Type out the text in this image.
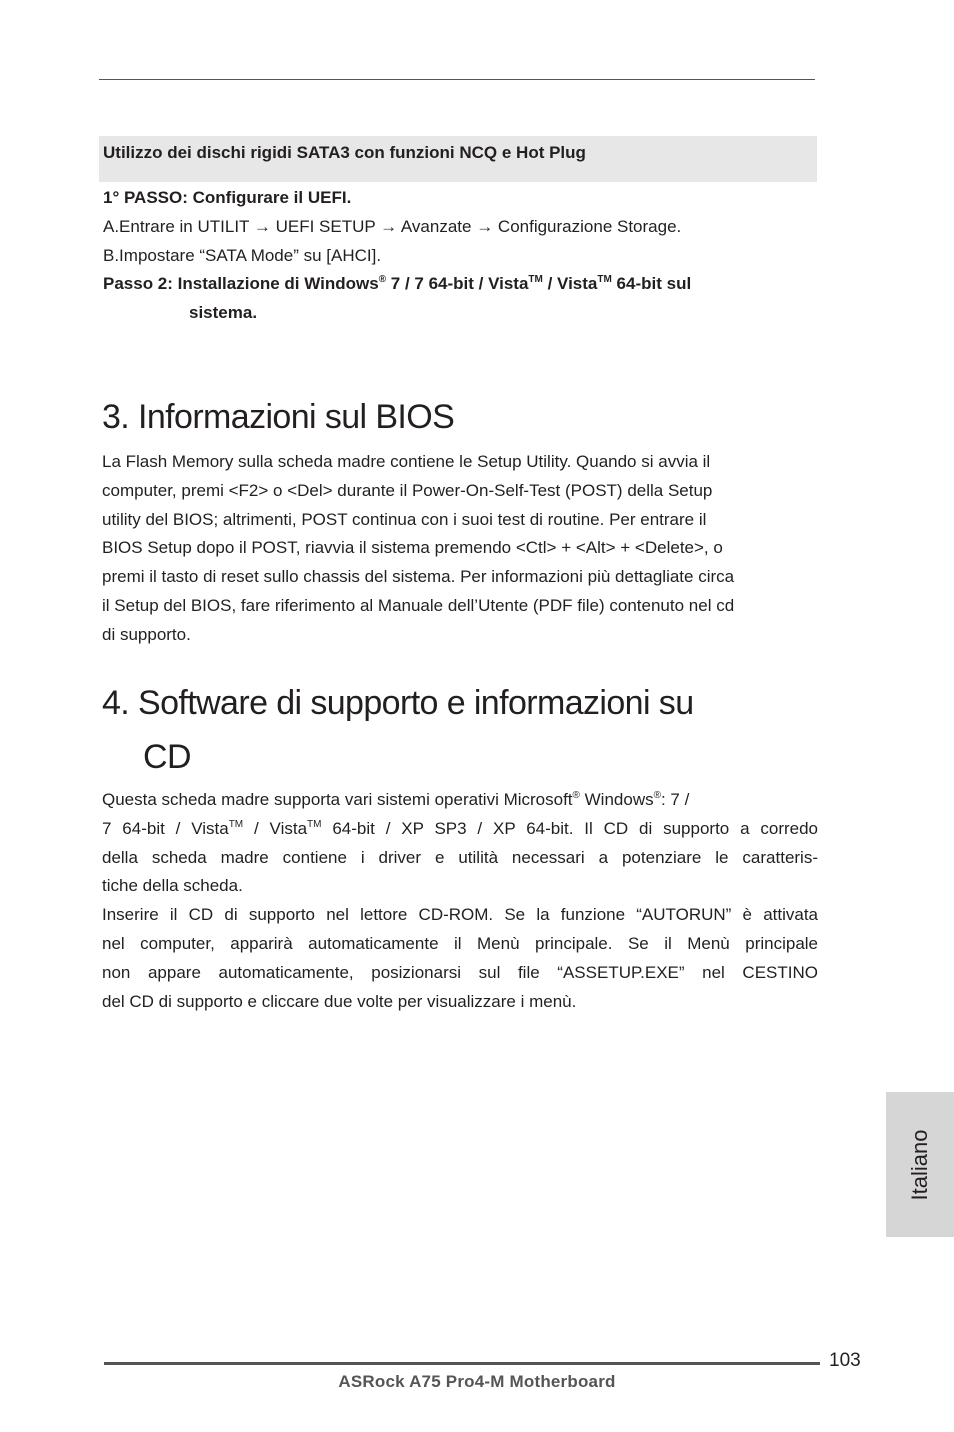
Utilizzo dei dischi rigidi SATA3 con funzioni NCQ e Hot Plug
1° PASSO: Configurare il UEFI.
A.Entrare in UTILIT → UEFI SETUP → Avanzate → Configurazione Storage.
B.Impostare “SATA Mode” su [AHCI].
Passo 2: Installazione di Windows® 7 / 7 64-bit / Vista™ / Vista™ 64-bit sul
sistema.
3. Informazioni sul BIOS
La Flash Memory sulla scheda madre contiene le Setup Utility. Quando si avvia il
computer, premi <F2> o <Del> durante il Power-On-Self-Test (POST) della Setup
utility del BIOS; altrimenti, POST continua con i suoi test di routine. Per entrare il
BIOS Setup dopo il POST, riavvia il sistema premendo <Ctl> + <Alt> + <Delete>, o
premi il tasto di reset sullo chassis del sistema. Per informazioni più dettagliate circa
il Setup del BIOS, fare riferimento al Manuale dell’Utente (PDF file) contenuto nel cd
di supporto.
4. Software di supporto e informazioni su
CD
Questa scheda madre supporta vari sistemi operativi Microsoft® Windows®: 7 /
7 64-bit / Vista™ / Vista™ 64-bit / XP SP3 / XP 64-bit. Il CD di supporto a corredo
della scheda madre contiene i driver e utilità necessari a potenziare le caratteris-
tiche della scheda.
Inserire il CD di supporto nel lettore CD-ROM. Se la funzione “AUTORUN” è attivata
nel computer, apparirà automaticamente il Menù principale. Se il Menù principale
non appare automaticamente, posizionarsi sul file “ASSETUP.EXE” nel CESTINO
del CD di supporto e cliccare due volte per visualizzare i menù.
Italiano
103
ASRock A75 Pro4-M Motherboard
